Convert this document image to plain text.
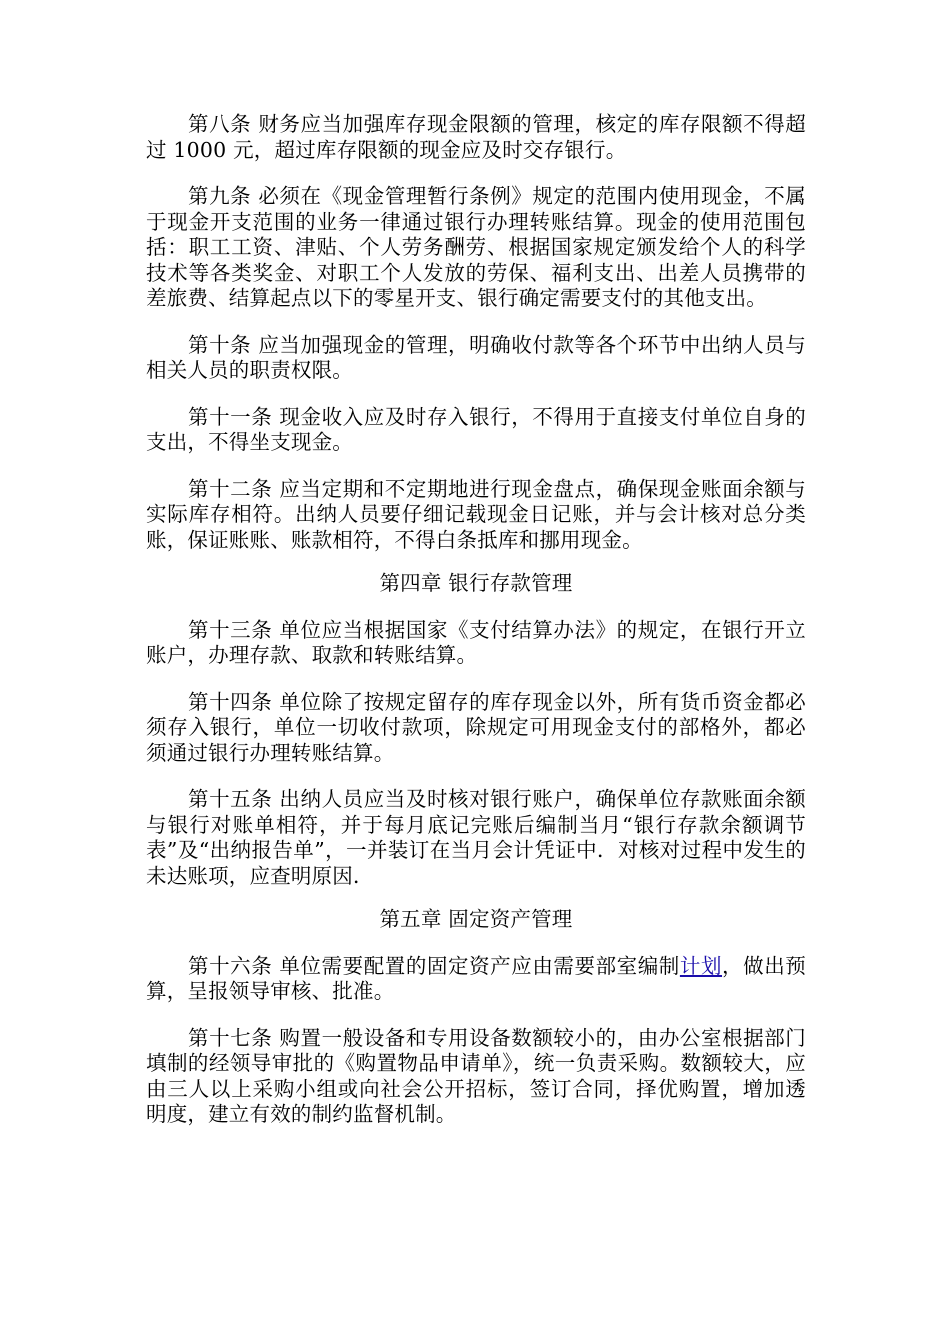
第八条 财务应当加强库存现金限额的管理，核定的库存限额不得超过 1000 元，超过库存限额的现金应及时交存银行。

第九条 必须在《现金管理暂行条例》规定的范围内使用现金，不属于现金开支范围的业务一律通过银行办理转账结算。现金的使用范围包括：职工工资、津贴、个人劳务酬劳、根据国家规定颁发给个人的科学技术等各类奖金、对职工个人发放的劳保、福利支出、出差人员携带的差旅费、结算起点以下的零星开支、银行确定需要支付的其他支出。

第十条 应当加强现金的管理，明确收付款等各个环节中出纳人员与相关人员的职责权限。

第十一条 现金收入应及时存入银行，不得用于直接支付单位自身的支出，不得坐支现金。

第十二条 应当定期和不定期地进行现金盘点，确保现金账面余额与实际库存相符。出纳人员要仔细记载现金日记账，并与会计核对总分类账，保证账账、账款相符，不得白条抵库和挪用现金。

第四章 银行存款管理

第十三条 单位应当根据国家《支付结算办法》的规定，在银行开立账户，办理存款、取款和转账结算。

第十四条 单位除了按规定留存的库存现金以外，所有货币资金都必须存入银行，单位一切收付款项，除规定可用现金支付的部格外，都必须通过银行办理转账结算。

第十五条 出纳人员应当及时核对银行账户，确保单位存款账面余额与银行对账单相符，并于每月底记完账后编制当月“银行存款余额调节表”及“出纳报告单”，一并装订在当月会计凭证中．对核对过程中发生的未达账项，应查明原因．

第五章 固定资产管理

第十六条 单位需要配置的固定资产应由需要部室编制计划，做出预算，呈报领导审核、批准。

第十七条 购置一般设备和专用设备数额较小的，由办公室根据部门填制的经领导审批的《购置物品申请单》，统一负责采购。数额较大，应由三人以上采购小组或向社会公开招标，签订合同，择优购置，增加透明度，建立有效的制约监督机制。
